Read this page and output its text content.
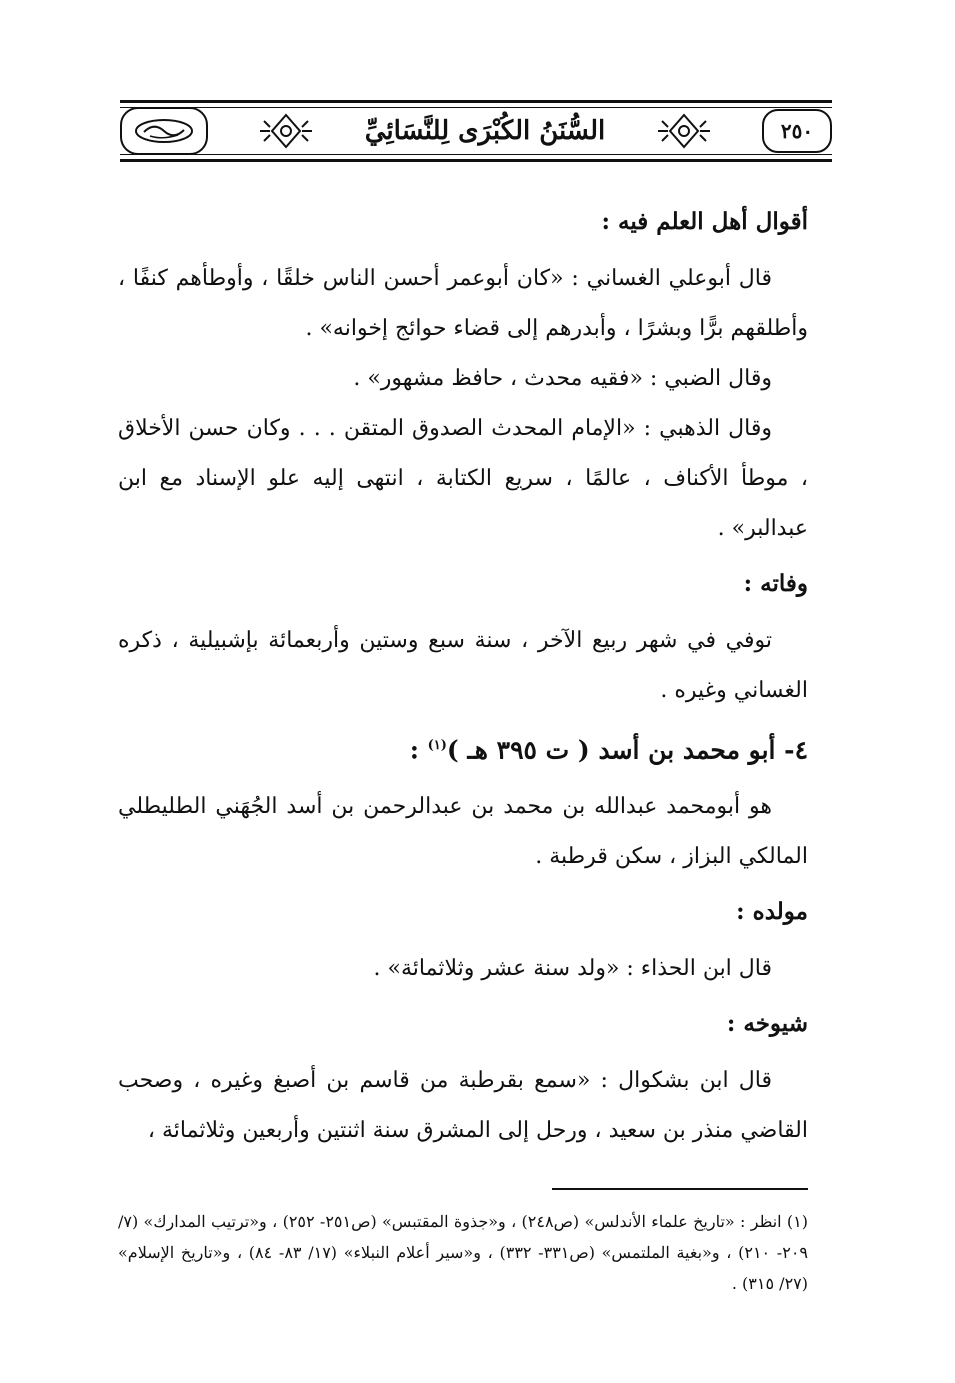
السُّنَنُ الكُبْرَى لِلنَّسَائِيِّ	٢٥٠

أقوال أهل العلم فيه :

قال أبوعلي الغساني : «كان أبوعمر أحسن الناس خلقًا ، وأوطأهم كنفًا ، وأطلقهم برًّا وبشرًا ، وأبدرهم إلى قضاء حوائج إخوانه» .

وقال الضبي : «فقيه محدث ، حافظ مشهور» .

وقال الذهبي : «الإمام المحدث الصدوق المتقن . . . وكان حسن الأخلاق ، موطأ الأكناف ، عالمًا ، سريع الكتابة ، انتهى إليه علو الإسناد مع ابن عبدالبر» .

وفاته :

توفي في شهر ربيع الآخر ، سنة سبع وستين وأربعمائة بإشبيلية ، ذكره الغساني وغيره .

٤- أبو محمد بن أسد ( ت ٣٩٥ هـ )$^{(١)}$ :

هو أبومحمد عبدالله بن محمد بن عبدالرحمن بن أسد الجُهَني الطليطلي المالكي البزاز ، سكن قرطبة .

مولده :

قال ابن الحذاء : «ولد سنة عشر وثلاثمائة» .

شيوخه :

قال ابن بشكوال : «سمع بقرطبة من قاسم بن أصبغ وغيره ، وصحب القاضي منذر بن سعيد ، ورحل إلى المشرق سنة اثنتين وأربعين وثلاثمائة ،

(١) انظر : «تاريخ علماء الأندلس» (ص٢٤٨) ، و«جذوة المقتبس» (ص٢٥١- ٢٥٢) ، و«ترتيب المدارك» (٧/ ٢٠٩- ٢١٠) ، و«بغية الملتمس» (ص٣٣١- ٣٣٢) ، و«سير أعلام النبلاء» (١٧/ ٨٣- ٨٤) ، و«تاريخ الإسلام» (٢٧/ ٣١٥) .
